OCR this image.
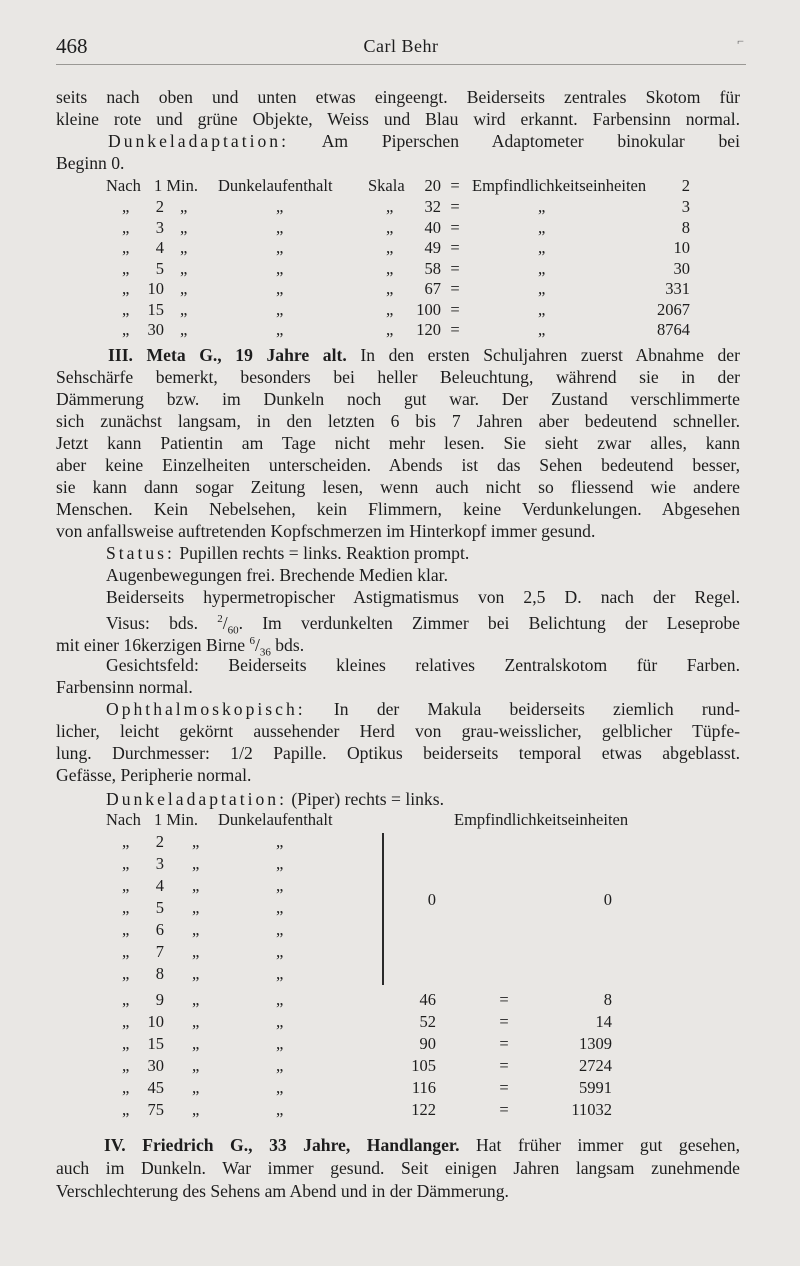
468	Carl Behr	⌐
seits nach oben und unten etwas eingeengt. Beiderseits zentrales Skotom für
kleine rote und grüne Objekte, Weiss und Blau wird erkannt. Farbensinn normal.
Dunkeladaptation: Am Piperschen Adaptometer binokular bei
Beginn 0.
Nach 1 Min. Dunkelaufenthalt Skala	20 = Empfindlichkeitseinheiten	2
„	2 „	„	„	32 =	„	3
„	3 „	„	„	40 =	„	8
„	4 „	„	„	49 =	„	10
„	5 „	„	„	58 =	„	30
„	10 „	„	„	67 =	„	331
„	15 „	„	„	100 =	„	2067
„	30 „	„	„	120 =	„	8764
III. Meta G., 19 Jahre alt. In den ersten Schuljahren zuerst Abnahme der
Sehschärfe bemerkt, besonders bei heller Beleuchtung, während sie in der
Dämmerung bzw. im Dunkeln noch gut war. Der Zustand verschlimmerte
sich zunächst langsam, in den letzten 6 bis 7 Jahren aber bedeutend schneller.
Jetzt kann Patientin am Tage nicht mehr lesen. Sie sieht zwar alles, kann
aber keine Einzelheiten unterscheiden. Abends ist das Sehen bedeutend besser,
sie kann dann sogar Zeitung lesen, wenn auch nicht so fliessend wie andere
Menschen. Kein Nebelsehen, kein Flimmern, keine Verdunkelungen. Abgesehen
von anfallsweise auftretenden Kopfschmerzen im Hinterkopf immer gesund.
Status: Pupillen rechts = links. Reaktion prompt.
Augenbewegungen frei. Brechende Medien klar.
Beiderseits hypermetropischer Astigmatismus von 2,5 D. nach der Regel.
Visus: bds. $^2/_{60}$. Im verdunkelten Zimmer bei Belichtung der Leseprobe
mit einer 16kerzigen Birne $^6/_{36}$ bds.
Gesichtsfeld: Beiderseits kleines relatives Zentralskotom für Farben.
Farbensinn normal.
Ophthalmoskopisch: In der Makula beiderseits ziemlich rund-
licher, leicht gekörnt aussehender Herd von grau-weisslicher, gelblicher Tüpfe-
lung. Durchmesser: 1/2 Papille. Optikus beiderseits temporal etwas abgeblasst.
Gefässe, Peripherie normal.
Dunkeladaptation: (Piper) rechts = links.
Nach 1 Min. Dunkelaufenthalt	Empfindlichkeitseinheiten
0	0
„	2 „	„
„	3 „	„
„	4 „	„
„	5 „	„
„	6 „	„
„	7 „	„
„	8 „	„
„	9 „	„	46	=	8
„	10 „	„	52	=	14
„	15 „	„	90	=	1309
„	30 „	„	105	=	2724
„	45 „	„	116	=	5991
„	75 „	„	122	=	11032
IV. Friedrich G., 33 Jahre, Handlanger. Hat früher immer gut gesehen,
auch im Dunkeln. War immer gesund. Seit einigen Jahren langsam zunehmende
Verschlechterung des Sehens am Abend und in der Dämmerung.
